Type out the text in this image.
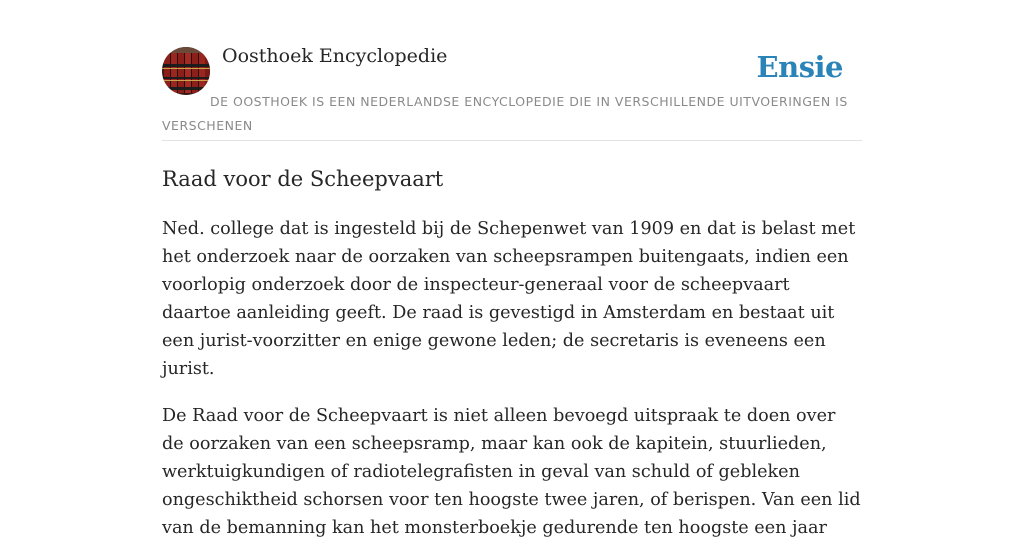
Oosthoek Encyclopedie	Ensie
DE OOSTHOEK IS EEN NEDERLANDSE ENCYCLOPEDIE DIE IN VERSCHILLENDE UITVOERINGEN IS VERSCHENEN
Raad voor de Scheepvaart

Ned. college dat is ingesteld bij de Schepenwet van 1909 en dat is belast met het onderzoek naar de oorzaken van scheepsrampen buitengaats, indien een voorlopig onderzoek door de inspecteur-generaal voor de scheepvaart daartoe aanleiding geeft. De raad is gevestigd in Amsterdam en bestaat uit een jurist-voorzitter en enige gewone leden; de secretaris is eveneens een jurist.

De Raad voor de Scheepvaart is niet alleen bevoegd uitspraak te doen over de oorzaken van een scheepsramp, maar kan ook de kapitein, stuurlieden, werktuigkundigen of radiotelegrafisten in geval van schuld of gebleken ongeschiktheid schorsen voor ten hoogste twee jaren, of berispen. Van een lid van de bemanning kan het monsterboekje gedurende ten hoogste een jaar
